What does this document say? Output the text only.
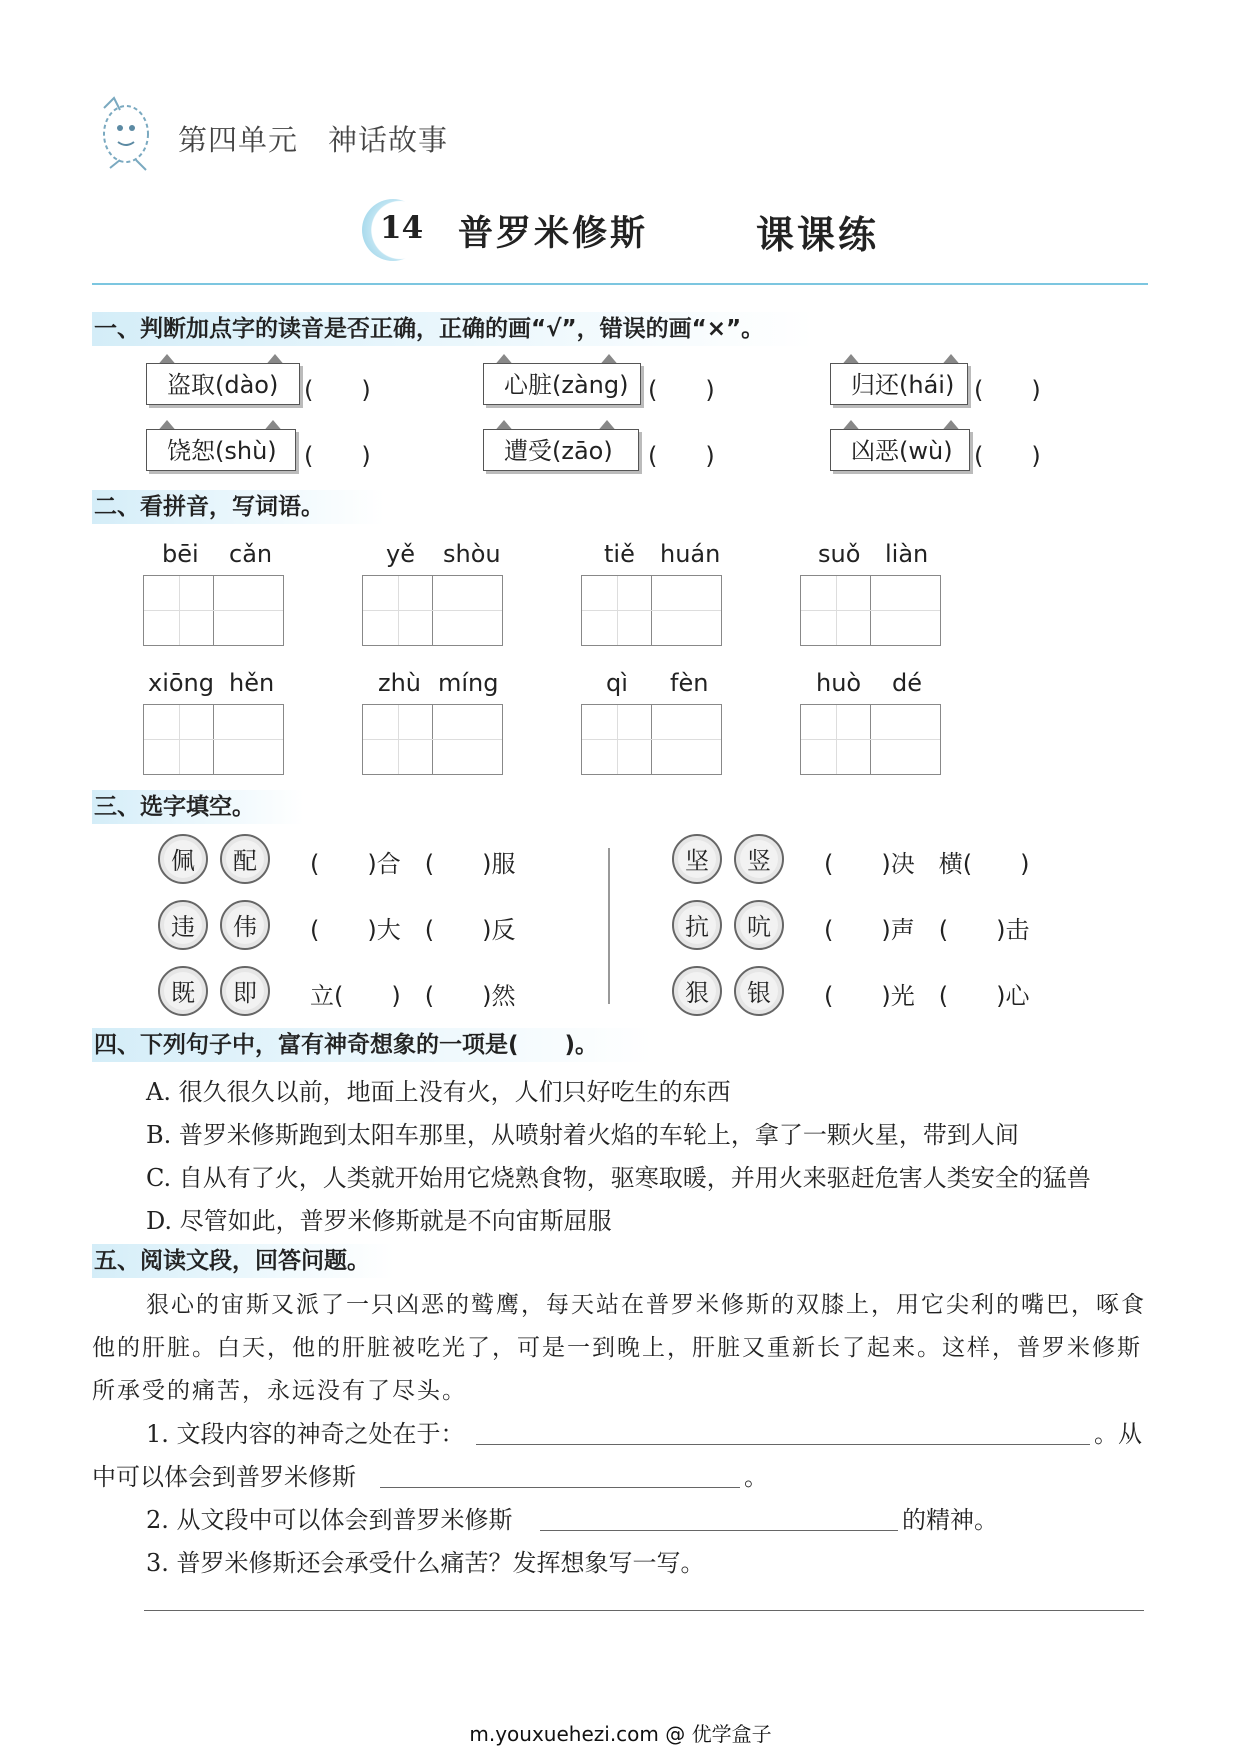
第四单元　神话故事
14 普罗米修斯	课课练
一、判断加点字的读音是否正确，正确的画“√”，错误的画“×”。
盗取(dào)	(　　)	心脏(zàng) (　　)	归还(hái) (　　)
饶恕(shù)	(　　)	遭受(zāo)	(　　)	凶恶(wù) (　　)
二、看拼音，写词语。
bēi cǎn	yě shòu	tiě huán	suǒ liàn
xiōng hěn	zhù míng	qì fèn	huò dé
三、选字填空。
佩	配	(　　)合　(　　)服
违	伟	(　　)大　(　　)反
既	即	立(　　)　(　　)然
坚	竖	(　　)决　横(　　)
抗	吭	(　　)声　(　　)击
狠	银	(　　)光　(　　)心
四、下列句子中，富有神奇想象的一项是(　　)。
A. 很久很久以前，地面上没有火，人们只好吃生的东西
B. 普罗米修斯跑到太阳车那里，从喷射着火焰的车轮上，拿了一颗火星，带到人间
C. 自从有了火，人类就开始用它烧熟食物，驱寒取暖，并用火来驱赶危害人类安全的猛兽
D. 尽管如此，普罗米修斯就是不向宙斯屈服
五、阅读文段，回答问题。
狠心的宙斯又派了一只凶恶的鹫鹰，每天站在普罗米修斯的双膝上，用它尖利的嘴巴，啄食
他的肝脏。白天，他的肝脏被吃光了，可是一到晚上，肝脏又重新长了起来。这样，普罗米修斯
所承受的痛苦，永远没有了尽头。
1. 文段内容的神奇之处在于：	。从
中可以体会到普罗米修斯	。
2. 从文段中可以体会到普罗米修斯	的精神。
3. 普罗米修斯还会承受什么痛苦？发挥想象写一写。
m.youxuehezi.com @ 优学盒子
